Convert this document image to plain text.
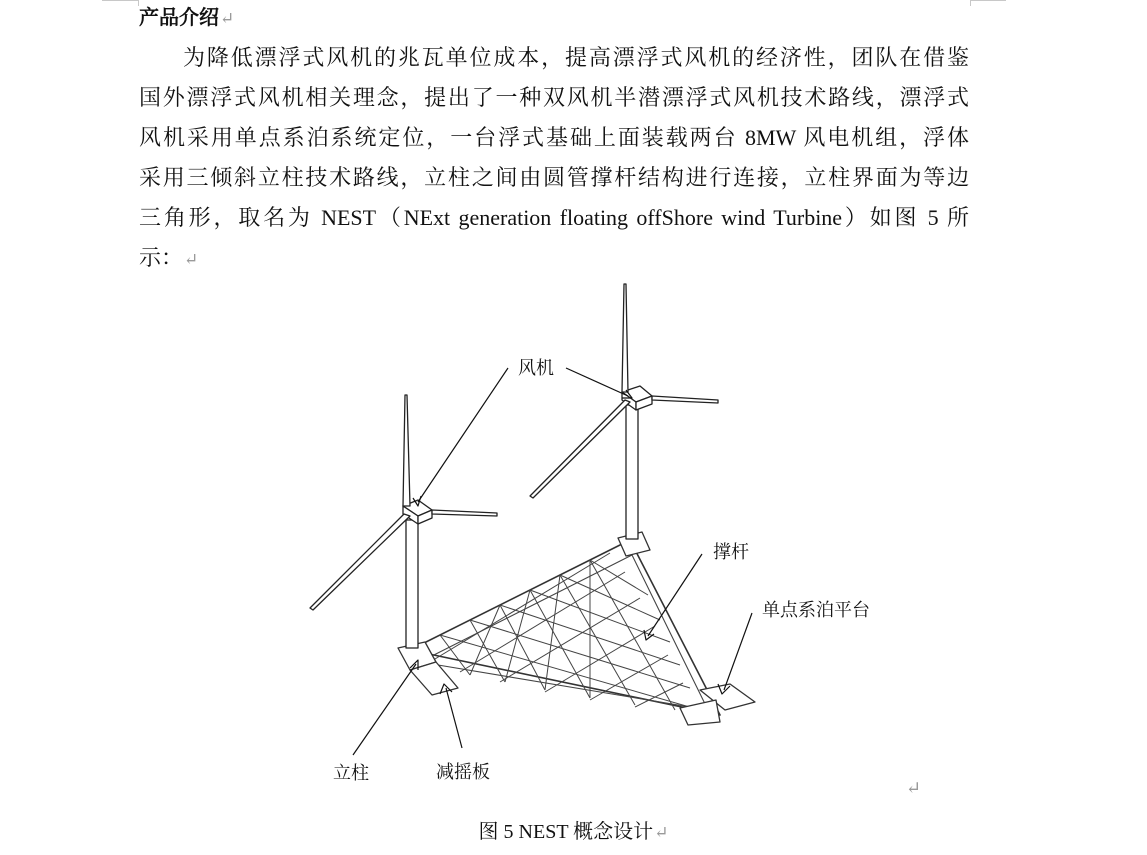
产品介绍↵
为降低漂浮式风机的兆瓦单位成本，提高漂浮式风机的经济性，团队在借鉴
国外漂浮式风机相关理念，提出了一种双风机半潜漂浮式风机技术路线，漂浮式
风机采用单点系泊系统定位，一台浮式基础上面装载两台 8MW 风电机组，浮体
采用三倾斜立柱技术路线，立柱之间由圆管撑杆结构进行连接，立柱界面为等边
三角形，取名为 NEST（NExt generation floating offShore wind Turbine）如图 5 所
示：↵
风机
撑杆
单点系泊平台
立柱	减摇板
↵
图 5 NEST 概念设计↵
